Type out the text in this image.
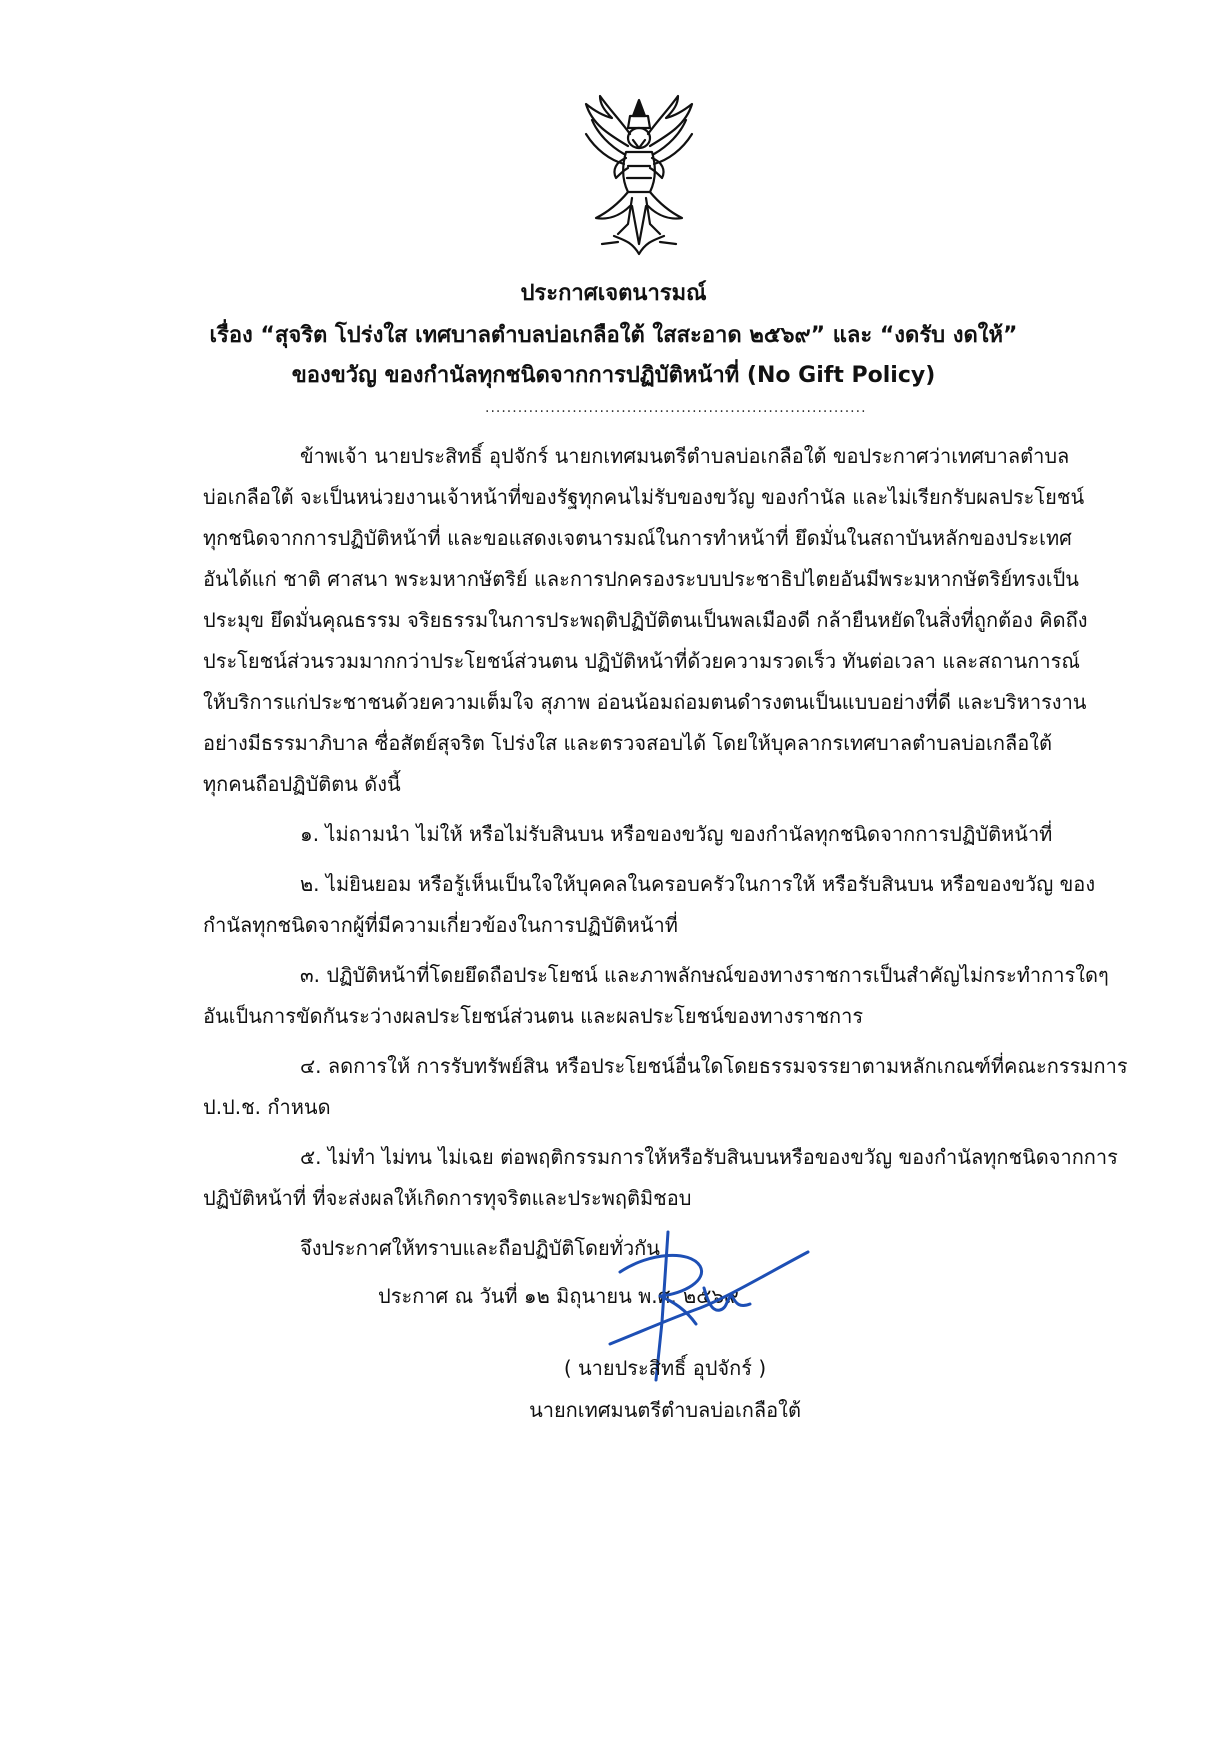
ประกาศเจตนารมณ์
เรื่อง “สุจริต โปร่งใส เทศบาลตำบลบ่อเกลือใต้ ใสสะอาด ๒๕๖๙” และ “งดรับ งดให้”
ของขวัญ ของกำนัลทุกชนิดจากการปฏิบัติหน้าที่ (No Gift Policy)
......................................................................
ข้าพเจ้า นายประสิทธิ์ อุปจักร์ นายกเทศมนตรีตำบลบ่อเกลือใต้ ขอประกาศว่าเทศบาลตำบล
บ่อเกลือใต้ จะเป็นหน่วยงานเจ้าหน้าที่ของรัฐทุกคนไม่รับของขวัญ ของกำนัล และไม่เรียกรับผลประโยชน์
ทุกชนิดจากการปฏิบัติหน้าที่ และขอแสดงเจตนารมณ์ในการทำหน้าที่ ยึดมั่นในสถาบันหลักของประเทศ
อันได้แก่ ชาติ ศาสนา พระมหากษัตริย์ และการปกครองระบบประชาธิปไตยอันมีพระมหากษัตริย์ทรงเป็น
ประมุข ยึดมั่นคุณธรรม จริยธรรมในการประพฤติปฏิบัติตนเป็นพลเมืองดี กล้ายืนหยัดในสิ่งที่ถูกต้อง คิดถึง
ประโยชน์ส่วนรวมมากกว่าประโยชน์ส่วนตน ปฏิบัติหน้าที่ด้วยความรวดเร็ว ทันต่อเวลา และสถานการณ์
ให้บริการแก่ประชาชนด้วยความเต็มใจ สุภาพ อ่อนน้อมถ่อมตนดำรงตนเป็นแบบอย่างที่ดี และบริหารงาน
อย่างมีธรรมาภิบาล ซื่อสัตย์สุจริต โปร่งใส และตรวจสอบได้ โดยให้บุคลากรเทศบาลตำบลบ่อเกลือใต้
ทุกคนถือปฏิบัติตน ดังนี้
๑. ไม่ถามนำ ไม่ให้ หรือไม่รับสินบน หรือของขวัญ ของกำนัลทุกชนิดจากการปฏิบัติหน้าที่
๒. ไม่ยินยอม หรือรู้เห็นเป็นใจให้บุคคลในครอบครัวในการให้ หรือรับสินบน หรือของขวัญ ของ
กำนัลทุกชนิดจากผู้ที่มีความเกี่ยวข้องในการปฏิบัติหน้าที่
๓. ปฏิบัติหน้าที่โดยยึดถือประโยชน์ และภาพลักษณ์ของทางราชการเป็นสำคัญไม่กระทำการใดๆ
อันเป็นการขัดกันระว่างผลประโยชน์ส่วนตน และผลประโยชน์ของทางราชการ
๔. ลดการให้ การรับทรัพย์สิน หรือประโยชน์อื่นใดโดยธรรมจรรยาตามหลักเกณฑ์ที่คณะกรรมการ
ป.ป.ช. กำหนด
๕. ไม่ทำ ไม่ทน ไม่เฉย ต่อพฤติกรรมการให้หรือรับสินบนหรือของขวัญ ของกำนัลทุกชนิดจากการ
ปฏิบัติหน้าที่ ที่จะส่งผลให้เกิดการทุจริตและประพฤติมิชอบ
จึงประกาศให้ทราบและถือปฏิบัติโดยทั่วกัน
ประกาศ ณ วันที่ ๑๒ มิถุนายน พ.ศ. ๒๕๖๙
( นายประสิทธิ์ อุปจักร์ )
นายกเทศมนตรีตำบลบ่อเกลือใต้
